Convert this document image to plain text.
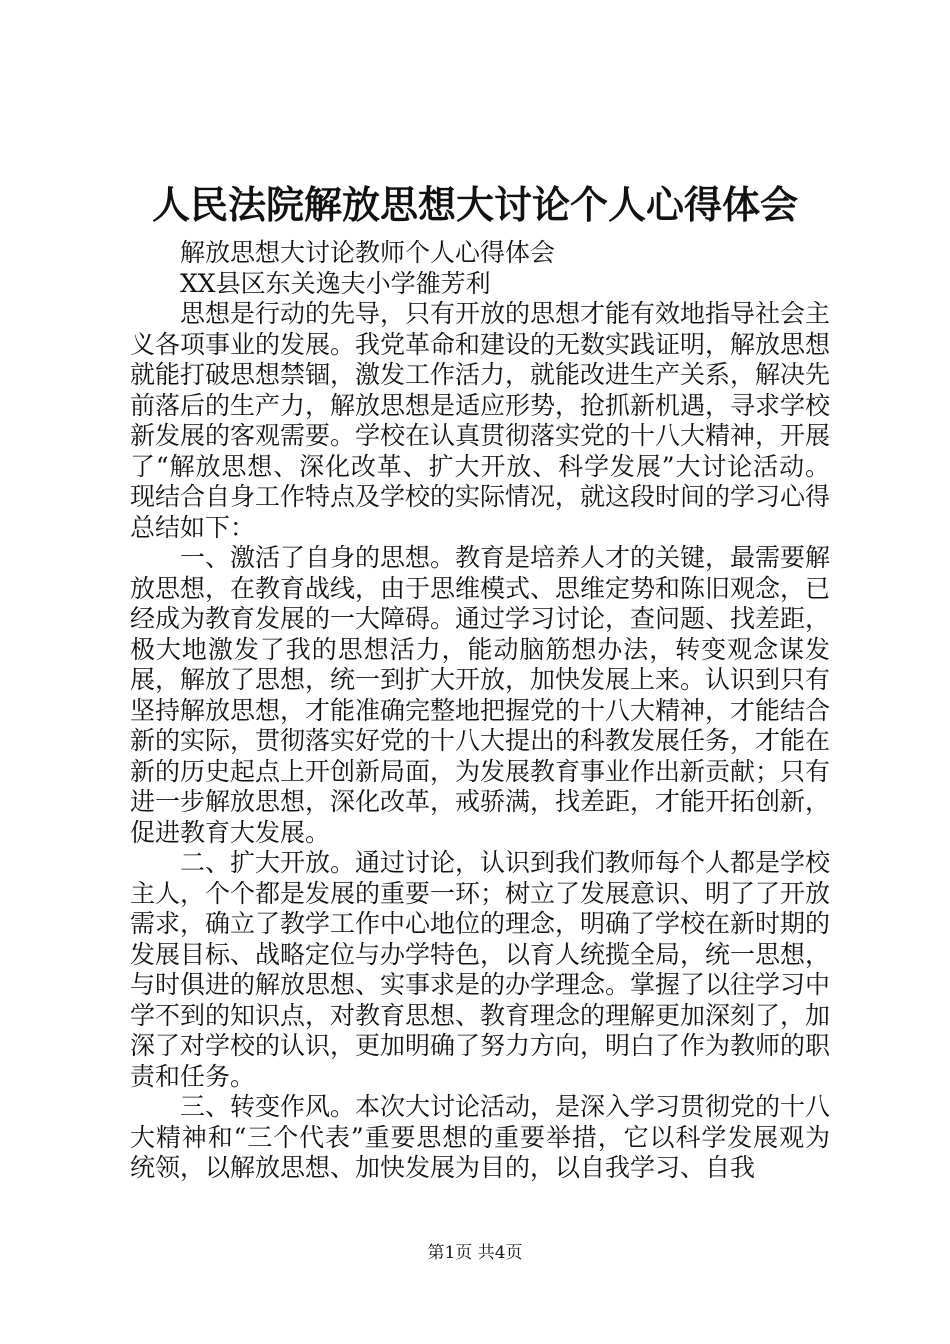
人民法院解放思想大讨论个人心得体会

解放思想大讨论教师个人心得体会

XX县区东关逸夫小学雒芳利

思想是行动的先导，只有开放的思想才能有效地指导社会主义各项事业的发展。我党革命和建设的无数实践证明，解放思想就能打破思想禁锢，激发工作活力，就能改进生产关系，解决先前落后的生产力，解放思想是适应形势，抢抓新机遇，寻求学校新发展的客观需要。学校在认真贯彻落实党的十八大精神，开展了“解放思想、深化改革、扩大开放、科学发展”大讨论活动。现结合自身工作特点及学校的实际情况，就这段时间的学习心得总结如下：

一、激活了自身的思想。教育是培养人才的关键，最需要解放思想，在教育战线，由于思维模式、思维定势和陈旧观念，已经成为教育发展的一大障碍。通过学习讨论，查问题、找差距，极大地激发了我的思想活力，能动脑筋想办法，转变观念谋发展，解放了思想，统一到扩大开放，加快发展上来。认识到只有坚持解放思想，才能准确完整地把握党的十八大精神，才能结合新的实际，贯彻落实好党的十八大提出的科教发展任务，才能在新的历史起点上开创新局面，为发展教育事业作出新贡献；只有进一步解放思想，深化改革，戒骄满，找差距，才能开拓创新，促进教育大发展。

二、扩大开放。通过讨论，认识到我们教师每个人都是学校主人，个个都是发展的重要一环；树立了发展意识、明了了开放需求，确立了教学工作中心地位的理念，明确了学校在新时期的发展目标、战略定位与办学特色，以育人统揽全局，统一思想，与时俱进的解放思想、实事求是的办学理念。掌握了以往学习中学不到的知识点，对教育思想、教育理念的理解更加深刻了，加深了对学校的认识，更加明确了努力方向，明白了作为教师的职责和任务。

三、转变作风。本次大讨论活动，是深入学习贯彻党的十八大精神和“三个代表”重要思想的重要举措，它以科学发展观为统领，以解放思想、加快发展为目的，以自我学习、自我

第1页 共4页
